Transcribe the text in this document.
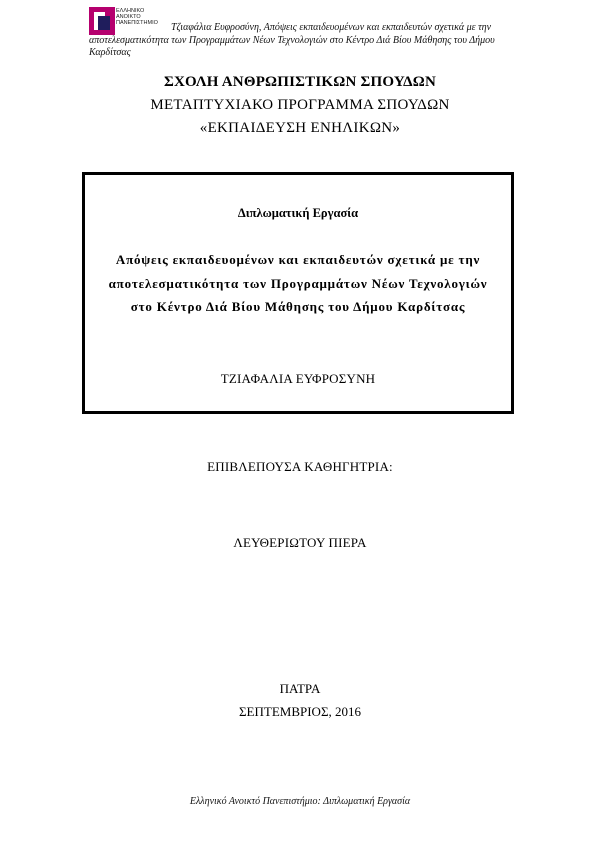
ΕΛΛΗΝΙΚΟ
ΑΝΟΙΚΤΟ
ΠΑΝΕΠΙΣΤΗΜΙΟ	Τζιαφάλια Ευφροσύνη, Απόψεις εκπαιδευομένων και εκπαιδευτών σχετικά με την
αποτελεσματικότητα των Προγραμμάτων Νέων Τεχνολογιών στο Κέντρο Διά Βίου Μάθησης του Δήμου
Καρδίτσας
ΣΧΟΛΗ ΑΝΘΡΩΠΙΣΤΙΚΩΝ ΣΠΟΥΔΩΝ
ΜΕΤΑΠΤΥΧΙΑΚΟ ΠΡΟΓΡΑΜΜΑ ΣΠΟΥΔΩΝ
«ΕΚΠΑΙΔΕΥΣΗ ΕΝΗΛΙΚΩΝ»
Διπλωματική Εργασία
Απόψεις εκπαιδευομένων και εκπαιδευτών σχετικά με την αποτελεσματικότητα των Προγραμμάτων Νέων Τεχνολογιών στο Κέντρο Διά Βίου Μάθησης του Δήμου Καρδίτσας
ΤΖΙΑΦΑΛΙΑ ΕΥΦΡΟΣΥΝΗ
ΕΠΙΒΛΕΠΟΥΣΑ ΚΑΘΗΓΗΤΡΙΑ:
ΛΕΥΘΕΡΙΩΤΟΥ ΠΙΕΡΑ
ΠΑΤΡΑ
ΣΕΠΤΕΜΒΡΙΟΣ, 2016
Ελληνικό Ανοικτό Πανεπιστήμιο: Διπλωματική Εργασία
